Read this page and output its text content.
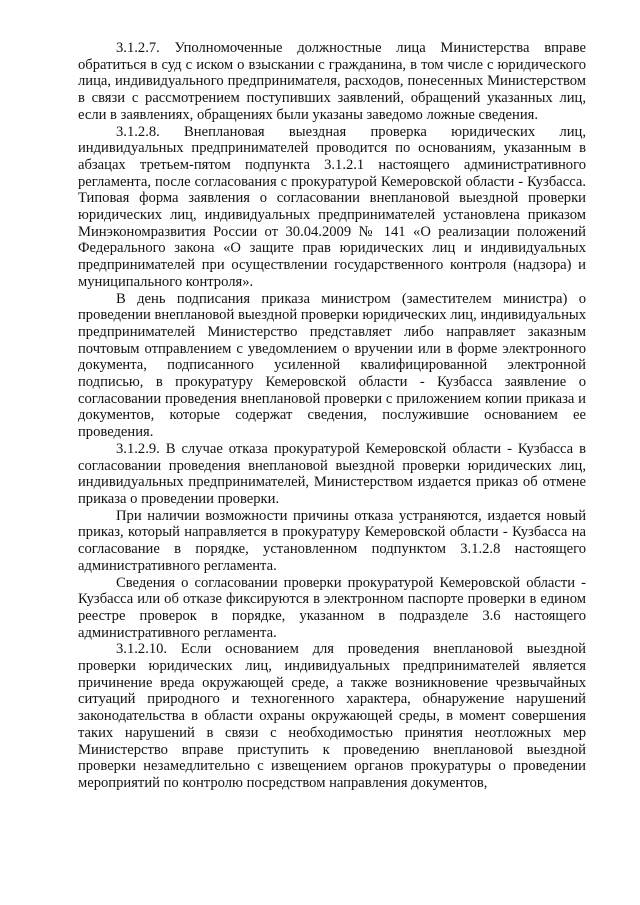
3.1.2.7. Уполномоченные должностные лица Министерства вправе обратиться в суд с иском о взыскании с гражданина, в том числе с юридического лица, индивидуального предпринимателя, расходов, понесенных Министерством в связи с рассмотрением поступивших заявлений, обращений указанных лиц, если в заявлениях, обращениях были указаны заведомо ложные сведения.

3.1.2.8. Внеплановая выездная проверка юридических лиц, индивидуальных предпринимателей проводится по основаниям, указанным в абзацах третьем-пятом подпункта 3.1.2.1 настоящего административного регламента, после согласования с прокуратурой Кемеровской области - Кузбасса. Типовая форма заявления о согласовании внеплановой выездной проверки юридических лиц, индивидуальных предпринимателей установлена приказом Минэкономразвития России от 30.04.2009 № 141 «О реализации положений Федерального закона «О защите прав юридических лиц и индивидуальных предпринимателей при осуществлении государственного контроля (надзора) и муниципального контроля».

В день подписания приказа министром (заместителем министра) о проведении внеплановой выездной проверки юридических лиц, индивидуальных предпринимателей Министерство представляет либо направляет заказным почтовым отправлением с уведомлением о вручении или в форме электронного документа, подписанного усиленной квалифицированной электронной подписью, в прокуратуру Кемеровской области - Кузбасса заявление о согласовании проведения внеплановой проверки с приложением копии приказа и документов, которые содержат сведения, послужившие основанием ее проведения.

3.1.2.9. В случае отказа прокуратурой Кемеровской области - Кузбасса в согласовании проведения внеплановой выездной проверки юридических лиц, индивидуальных предпринимателей, Министерством издается приказ об отмене приказа о проведении проверки.

При наличии возможности причины отказа устраняются, издается новый приказ, который направляется в прокуратуру Кемеровской области - Кузбасса на согласование в порядке, установленном подпунктом 3.1.2.8 настоящего административного регламента.

Сведения о согласовании проверки прокуратурой Кемеровской области - Кузбасса или об отказе фиксируются в электронном паспорте проверки в едином реестре проверок в порядке, указанном в подразделе 3.6 настоящего административного регламента.

3.1.2.10. Если основанием для проведения внеплановой выездной проверки юридических лиц, индивидуальных предпринимателей является причинение вреда окружающей среде, а также возникновение чрезвычайных ситуаций природного и техногенного характера, обнаружение нарушений законодательства в области охраны окружающей среды, в момент совершения таких нарушений в связи с необходимостью принятия неотложных мер Министерство вправе приступить к проведению внеплановой выездной проверки незамедлительно с извещением органов прокуратуры о проведении мероприятий по контролю посредством направления документов,
